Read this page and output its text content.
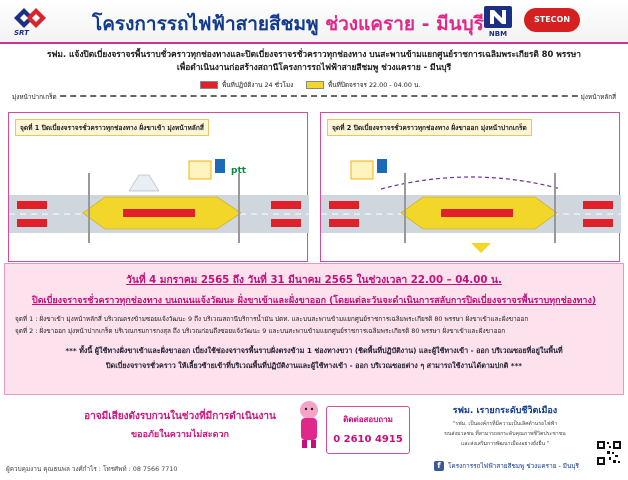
SRT	โครงการรถไฟฟ้าสายสีชมพู ช่วงแคราย - มีนบุรี NBM
STECON
รฟม. แจ้งปิดเบี่ยงจราจรพื้นราบชั่วคราวทุกช่องทางและปิดเบี่ยงจราจรชั่วคราวทุกช่องทาง บนสะพานข้ามแยกศูนย์ราชการเฉลิมพระเกียรติ 80 พรรษา
เพื่อดำเนินงานก่อสร้างสถานีโครงการรถไฟฟ้าสายสีชมพู ช่วงแคราย - มีนบุรี
มุ่งหน้าปากเกร็ด	มุ่งหน้าหลักสี่
พื้นที่ปฏิบัติงาน 24 ชั่วโมง	พื้นที่ปิดจราจร 22.00 - 04.00 น.
ptt
จุดที่ 1 ปิดเบี่ยงจราจรชั่วคราวทุกช่องทาง ฝั่งขาเข้า มุ่งหน้าหลักสี่	จุดที่ 2 ปิดเบี่ยงจราจรชั่วคราวทุกช่องทาง ฝั่งขาออก มุ่งหน้าปากเกร็ด
วันที่ 4 มกราคม 2565 ถึง วันที่ 31 มีนาคม 2565 ในช่วงเวลา 22.00 – 04.00 น.
ปิดเบี่ยงจราจรชั่วคราวทุกช่องทาง บนถนนแจ้งวัฒนะ ฝั่งขาเข้าและฝั่งขาออก (โดยแต่ละวันจะดำเนินการสลับการปิดเบี่ยงจราจรพื้นราบทุกช่องทาง)
จุดที่ 1 : ฝั่งขาเข้า มุ่งหน้าหลักสี่ บริเวณตรงข้ามซอยแจ้งวัฒนะ 9 ถึง บริเวณสถานีบริการน้ำมัน ปตท. และบนสะพานข้ามแยกศูนย์ราชการเฉลิมพระเกียรติ 80 พรรษา ฝั่งขาเข้าและฝั่งขาออก
จุดที่ 2 : ฝั่งขาออก มุ่งหน้าปากเกร็ด บริเวณกรมการกงสุล ถึง บริเวณก่อนถึงซอยแจ้งวัฒนะ 9 และบนสะพานข้ามแยกศูนย์ราชการเฉลิมพระเกียรติ 80 พรรษา ฝั่งขาเข้าและฝั่งขาออก
*** ทั้งนี้ ผู้ใช้ทางฝั่งขาเข้าและฝั่งขาออก เบี่ยงใช้ช่องจราจรพื้นราบฝั่งตรงข้าม 1 ช่องทางขวา (ชิดพื้นที่ปฏิบัติงาน) และผู้ใช้ทางเข้า - ออก บริเวณซอยที่อยู่ในพื้นที่
ปิดเบี่ยงจราจรชั่วคราว ให้เลี้ยวซ้ายเข้าที่บริเวณพื้นที่ปฏิบัติงานและผู้ใช้ทางเข้า - ออก บริเวณซอยต่าง ๆ สามารถใช้งานได้ตามปกติ ***
อาจมีเสียงดังรบกวนในช่วงที่มีการดำเนินงาน
ขออภัยในความไม่สะดวก
ติดต่อสอบถาม
0 2610 4915
รฟม. เรายกระดับชีวิตเมือง
"รฟม. เป็นองค์กรที่มีความเป็นเลิศด้านรถไฟฟ้า
ขนส่งมวลชน ที่สามารถยกระดับคุณภาพชีวิตประชาชน
และส่งเสริมการพัฒนาเมืองอย่างยั่งยืน "
f	โครงการรถไฟฟ้าสายสีชมพู ช่วงแคราย - มีนบุรี
ผู้ควบคุมงาน คุณธนพล วงศ์กำไร : โทรศัพท์ : 08 7566 7710
